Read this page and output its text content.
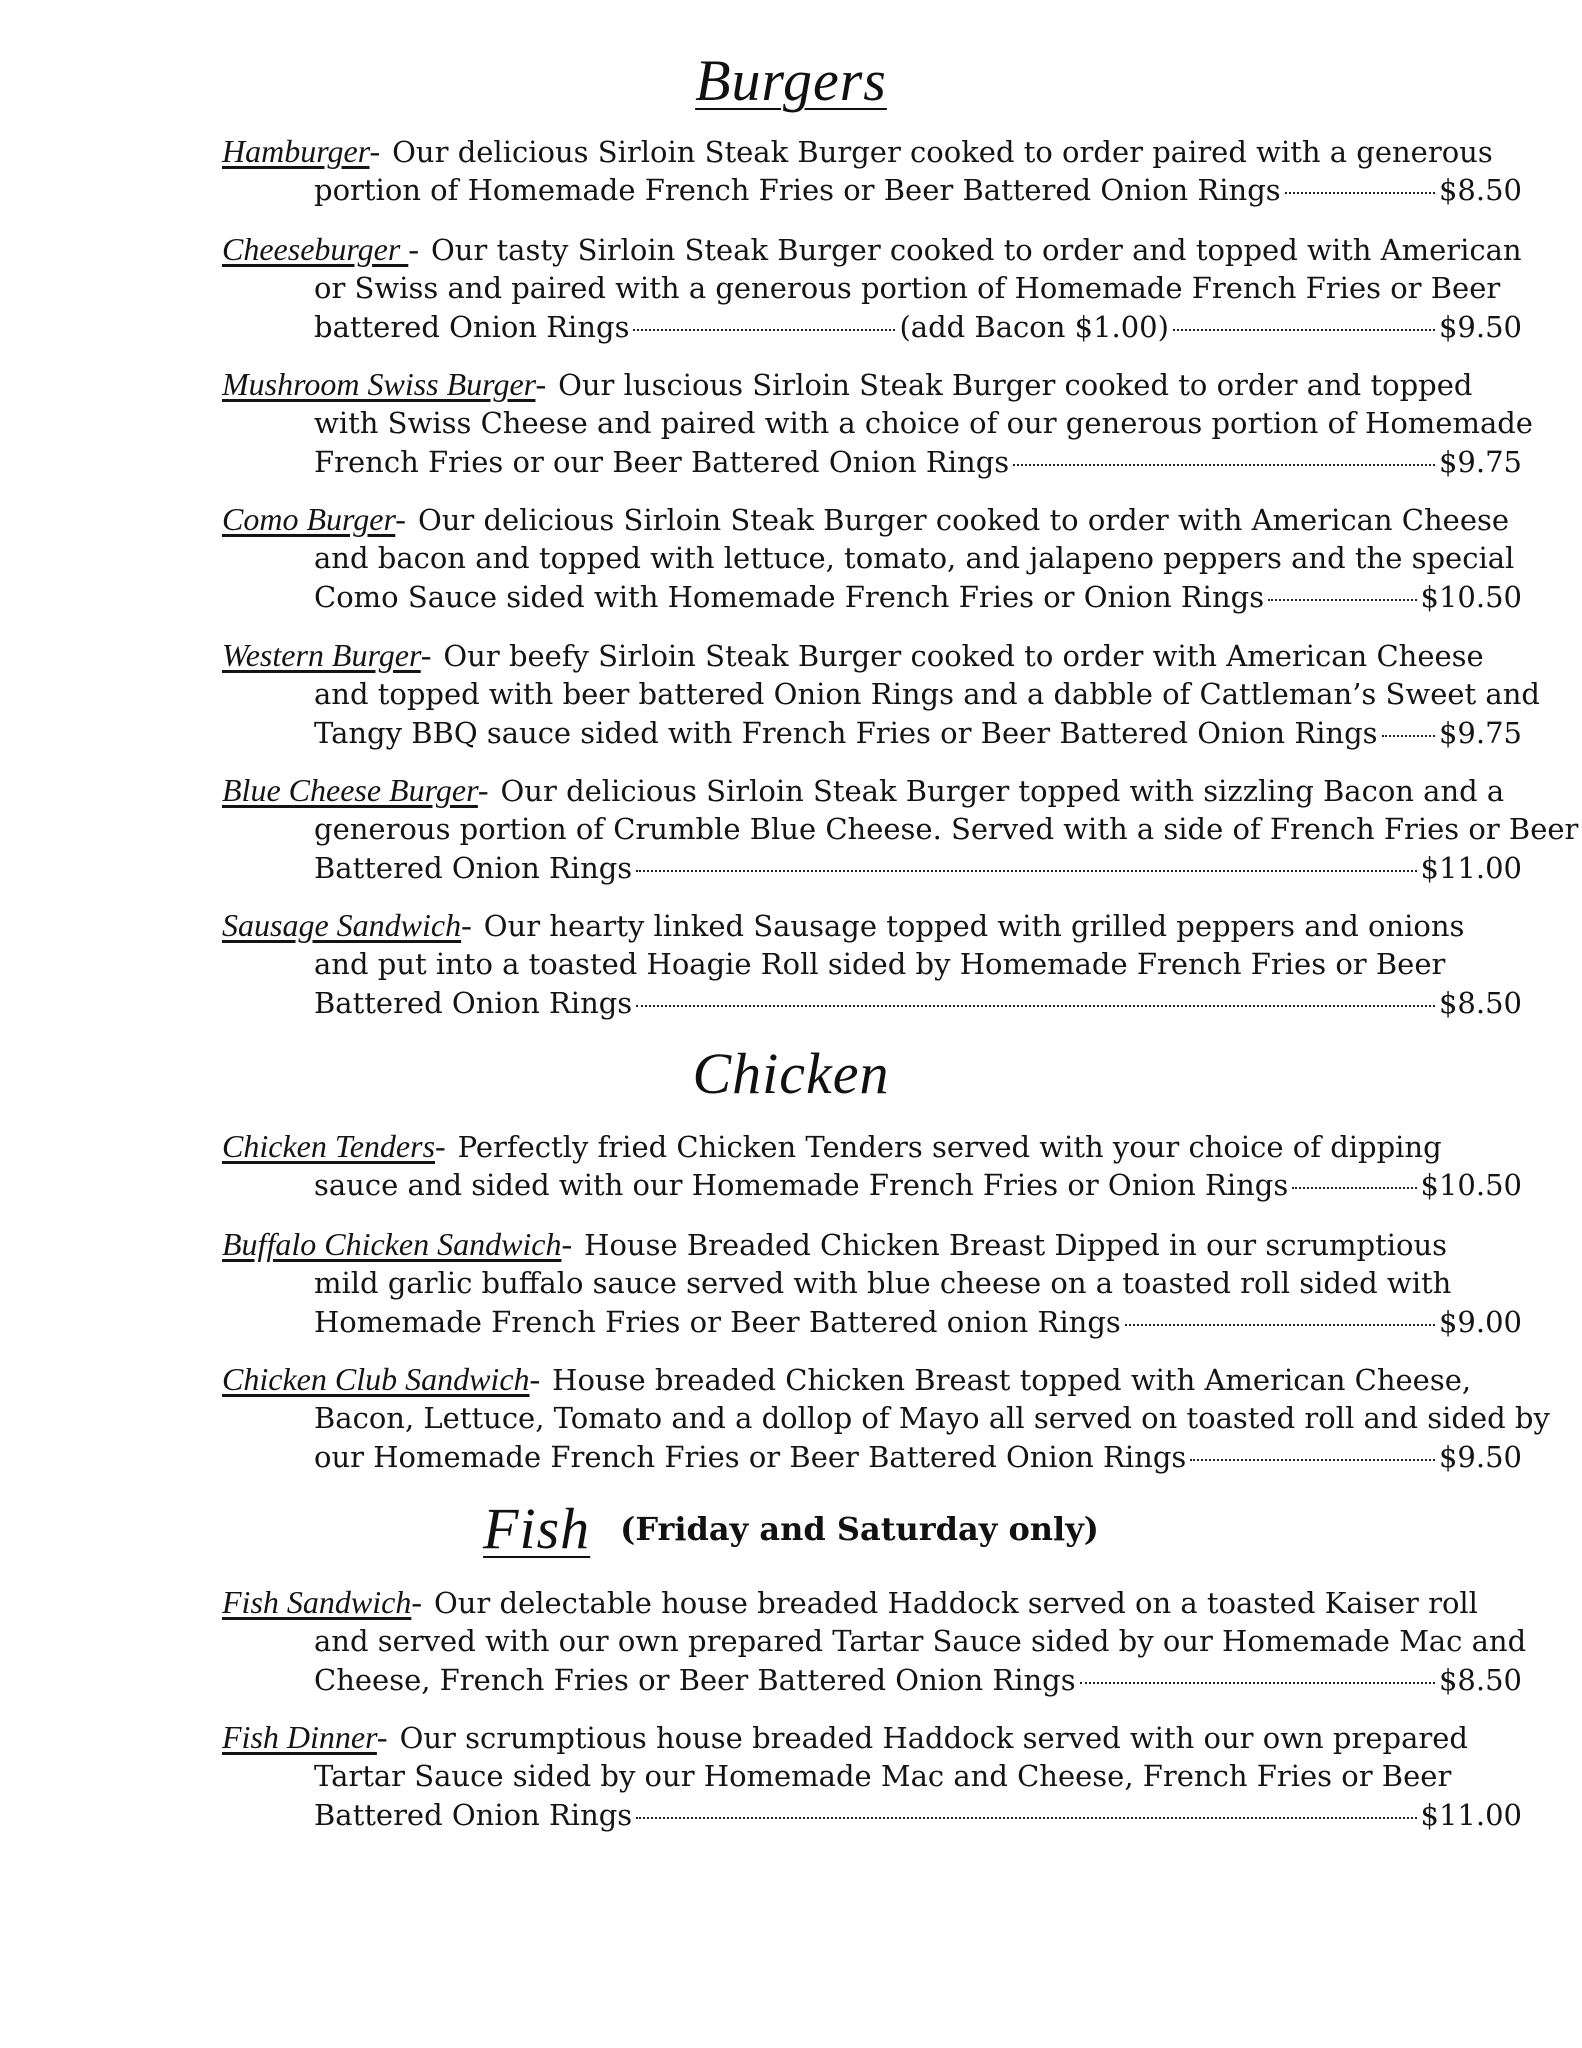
Burgers
Hamburger- Our delicious Sirloin Steak Burger cooked to order paired with a generous
portion of Homemade French Fries or Beer Battered Onion Rings	$8.50
Cheeseburger - Our tasty Sirloin Steak Burger cooked to order and topped with American
or Swiss and paired with a generous portion of Homemade French Fries or Beer
battered Onion Rings	(add Bacon $1.00)	$9.50
Mushroom Swiss Burger- Our luscious Sirloin Steak Burger cooked to order and topped
with Swiss Cheese and paired with a choice of our generous portion of Homemade
French Fries or our Beer Battered Onion Rings	$9.75
Como Burger- Our delicious Sirloin Steak Burger cooked to order with American Cheese
and bacon and topped with lettuce, tomato, and jalapeno peppers and the special
Como Sauce sided with Homemade French Fries or Onion Rings	$10.50
Western Burger- Our beefy Sirloin Steak Burger cooked to order with American Cheese
and topped with beer battered Onion Rings and a dabble of Cattleman’s Sweet and
Tangy BBQ sauce sided with French Fries or Beer Battered Onion Rings $9.75
Blue Cheese Burger- Our delicious Sirloin Steak Burger topped with sizzling Bacon and a
generous portion of Crumble Blue Cheese. Served with a side of French Fries or Beer
Battered Onion Rings	$11.00
Sausage Sandwich- Our hearty linked Sausage topped with grilled peppers and onions
and put into a toasted Hoagie Roll sided by Homemade French Fries or Beer
Battered Onion Rings	$8.50
Chicken
Chicken Tenders- Perfectly fried Chicken Tenders served with your choice of dipping
sauce and sided with our Homemade French Fries or Onion Rings	$10.50
Buffalo Chicken Sandwich- House Breaded Chicken Breast Dipped in our scrumptious
mild garlic buffalo sauce served with blue cheese on a toasted roll sided with
Homemade French Fries or Beer Battered onion Rings	$9.00
Chicken Club Sandwich- House breaded Chicken Breast topped with American Cheese,
Bacon, Lettuce, Tomato and a dollop of Mayo all served on toasted roll and sided by
our Homemade French Fries or Beer Battered Onion Rings	$9.50
Fish (Friday and Saturday only)
Fish Sandwich- Our delectable house breaded Haddock served on a toasted Kaiser roll
and served with our own prepared Tartar Sauce sided by our Homemade Mac and
Cheese, French Fries or Beer Battered Onion Rings	$8.50
Fish Dinner- Our scrumptious house breaded Haddock served with our own prepared
Tartar Sauce sided by our Homemade Mac and Cheese, French Fries or Beer
Battered Onion Rings	$11.00
